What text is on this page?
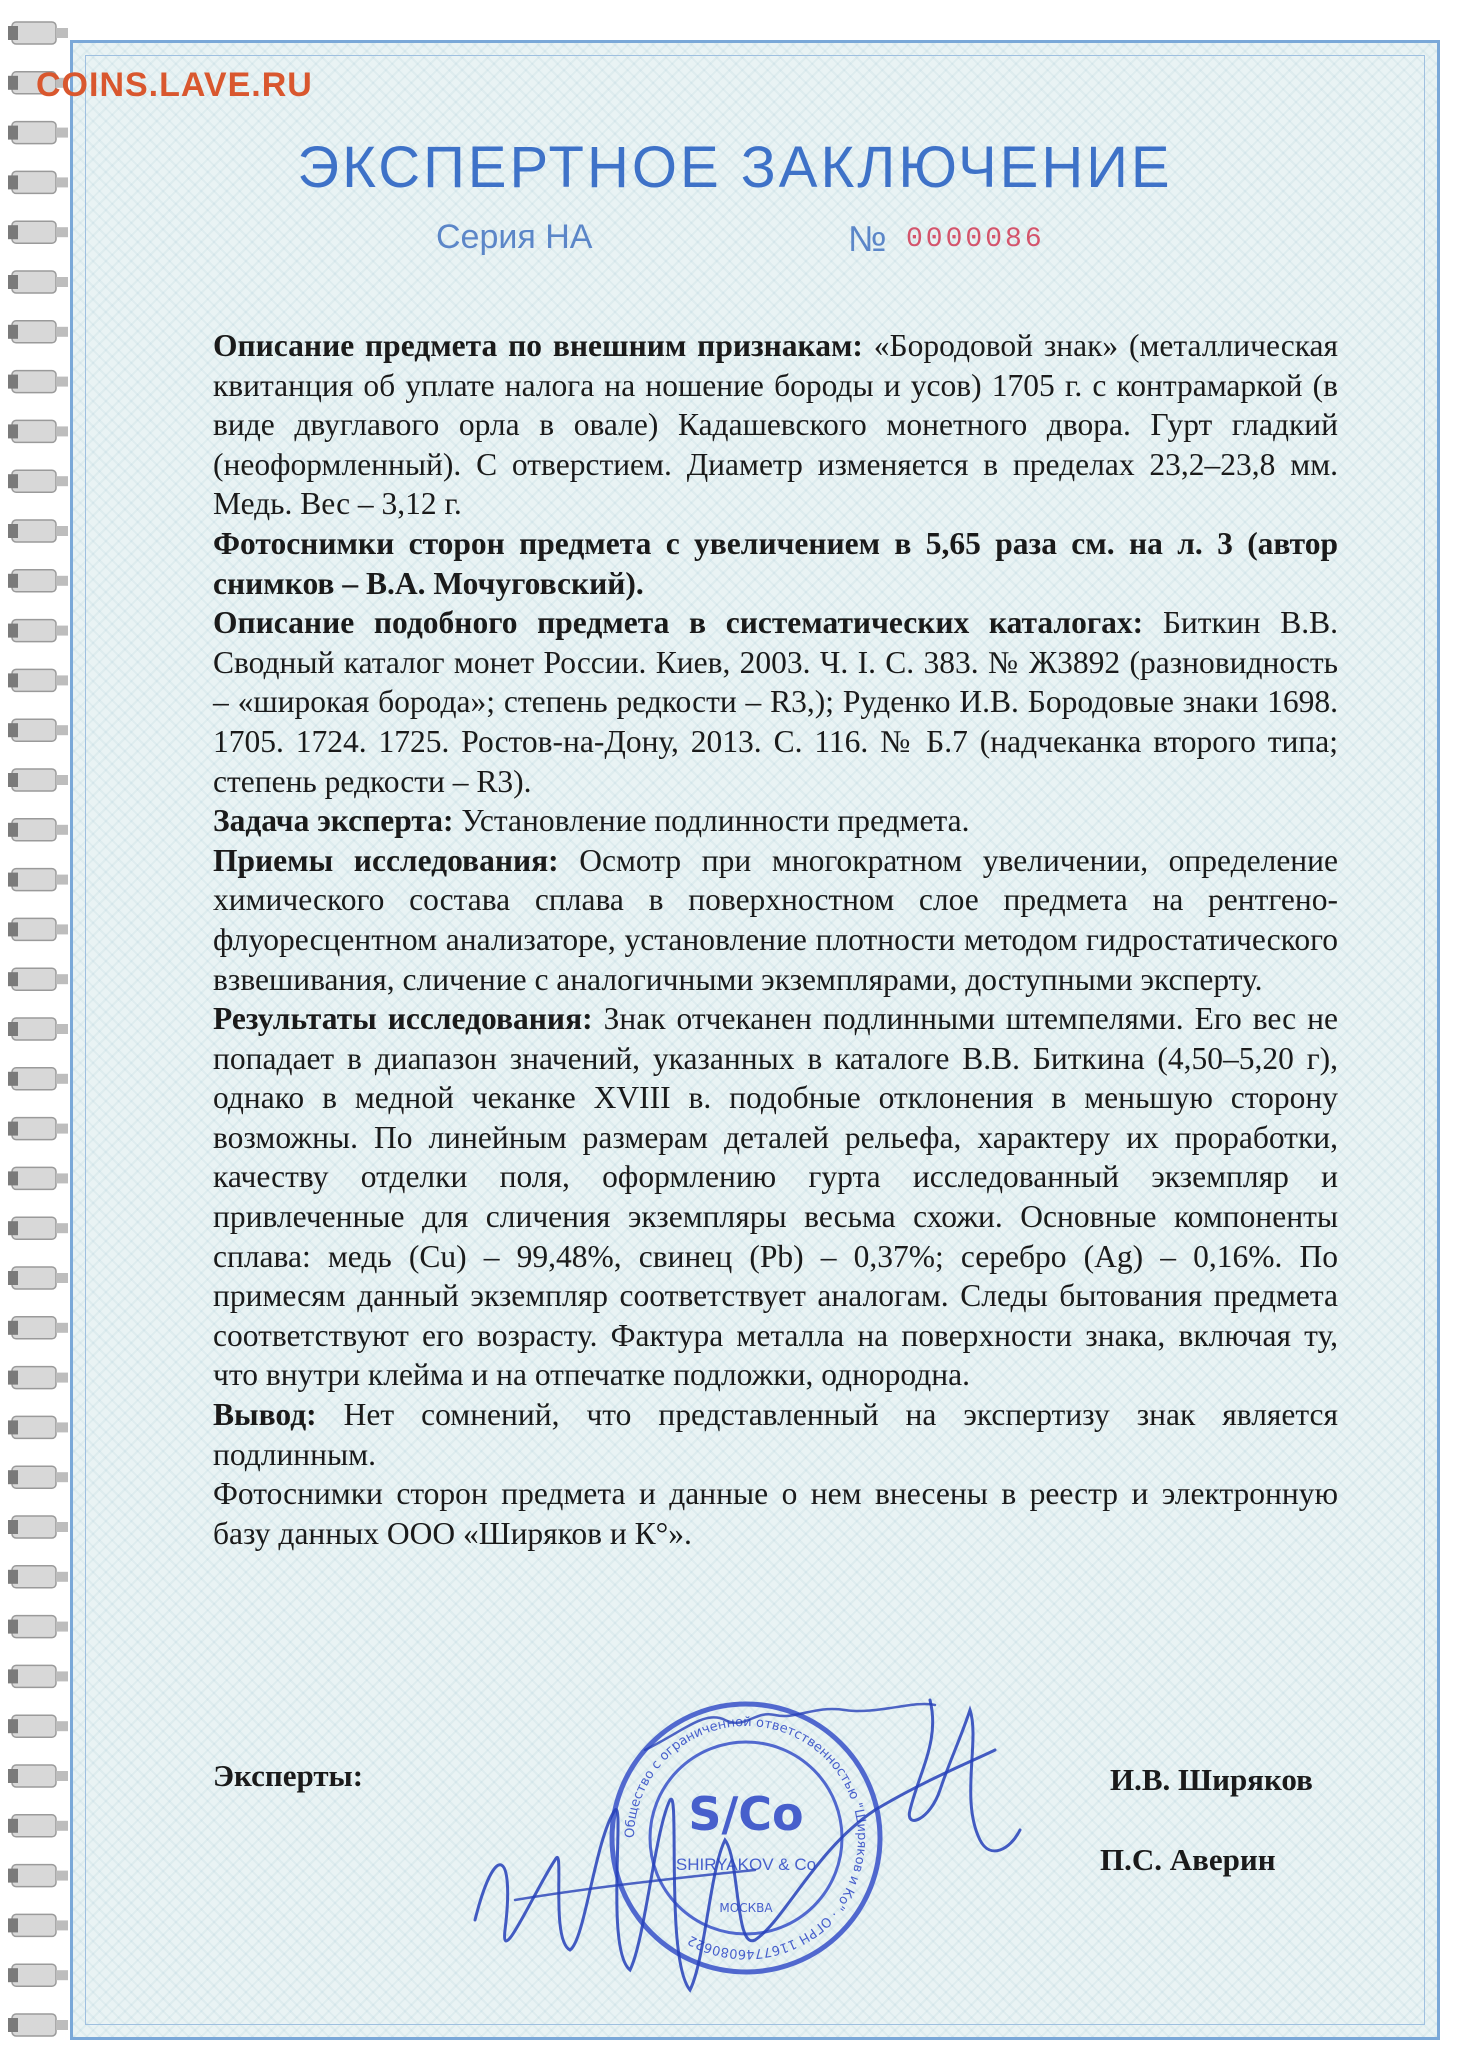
COINS.LAVE.RU
ЭКСПЕРТНОЕ ЗАКЛЮЧЕНИЕ
Серия НА	№ 0000086

Описание предмета по внешним признакам: «Бородовой знак» (металлическая квитанция об уплате налога на ношение бороды и усов) 1705 г. с контрамаркой (в виде двуглавого орла в овале) Кадашевского монетного двора. Гурт гладкий (неоформленный). С отверстием. Диаметр изменяется в пределах 23,2–23,8 мм. Медь. Вес – 3,12 г.

Фотоснимки сторон предмета с увеличением в 5,65 раза см. на л. 3 (автор снимков – В.А. Мочуговский).

Описание подобного предмета в систематических каталогах: Биткин В.В. Сводный каталог монет России. Киев, 2003. Ч. I. С. 383. № Ж3892 (разновидность – «широкая борода»; степень редкости – R3,); Руденко И.В. Бородовые знаки 1698. 1705. 1724. 1725. Ростов-на-Дону, 2013. С. 116. № Б.7 (надчеканка второго типа; степень редкости – R3).

Задача эксперта: Установление подлинности предмета.

Приемы исследования: Осмотр при многократном увеличении, определение химического состава сплава в поверхностном слое предмета на рентгено-флуоресцентном анализаторе, установление плотности методом гидростатического взвешивания, сличение с аналогичными экземплярами, доступными эксперту.

Результаты исследования: Знак отчеканен подлинными штемпелями. Его вес не попадает в диапазон значений, указанных в каталоге В.В. Биткина (4,50–5,20 г), однако в медной чеканке XVIII в. подобные отклонения в меньшую сторону возможны. По линейным размерам деталей рельефа, характеру их проработки, качеству отделки поля, оформлению гурта исследованный экземпляр и привлеченные для сличения экземпляры весьма схожи. Основные компоненты сплава: медь (Cu) – 99,48%, свинец (Pb) – 0,37%; серебро (Ag) – 0,16%. По примесям данный экземпляр соответствует аналогам. Следы бытования предмета соответствуют его возрасту. Фактура металла на поверхности знака, включая ту, что внутри клейма и на отпечатке подложки, однородна.

Вывод: Нет сомнений, что представленный на экспертизу знак является подлинным.

Фотоснимки сторон предмета и данные о нем внесены в реестр и электронную базу данных ООО «Ширяков и К°».

Эксперты:	И.В. Ширяков
П.С. Аверин
Общество с ограниченной ответственностью "Ширяков и Ко" · ОГРН 1167746080622
S/Co
SHIRYAKOV & Co
МОСКВА
